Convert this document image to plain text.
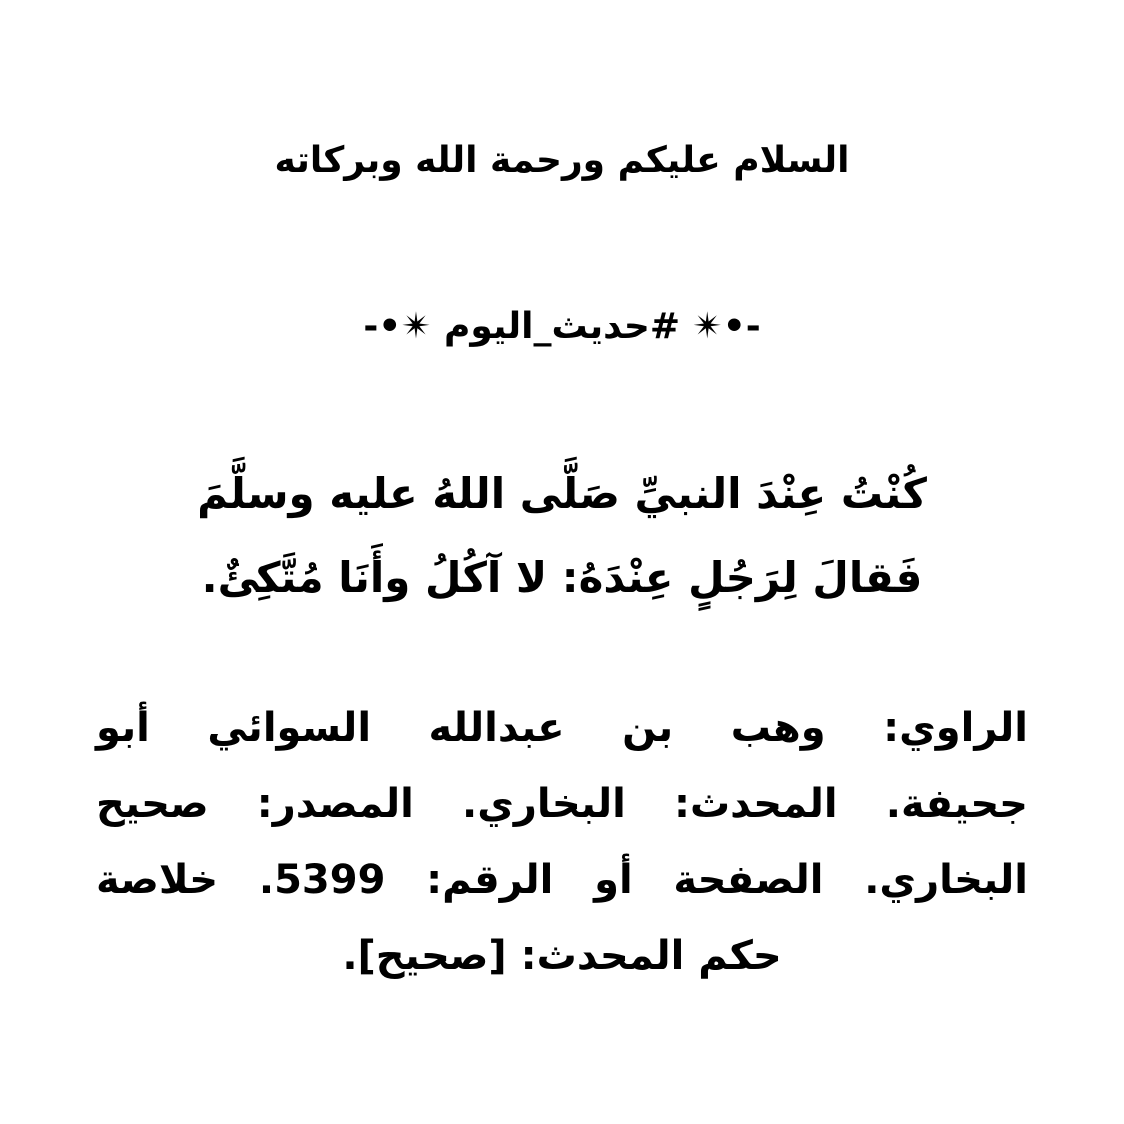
السلام عليكم ورحمة الله وبركاته
-•✴ #حديث_اليوم ✴•-
كُنْتُ عِنْدَ النبيِّ صَلَّى اللهُ عليه وسلَّمَ
فَقالَ لِرَجُلٍ عِنْدَهُ: لا آكُلُ وأَنَا مُتَّكِئٌ.
الراوي: وهب بن عبدالله السوائي أبو
جحيفة. المحدث: البخاري. المصدر: صحيح
البخاري. الصفحة أو الرقم: 5399. خلاصة
حكم المحدث: [صحيح].
